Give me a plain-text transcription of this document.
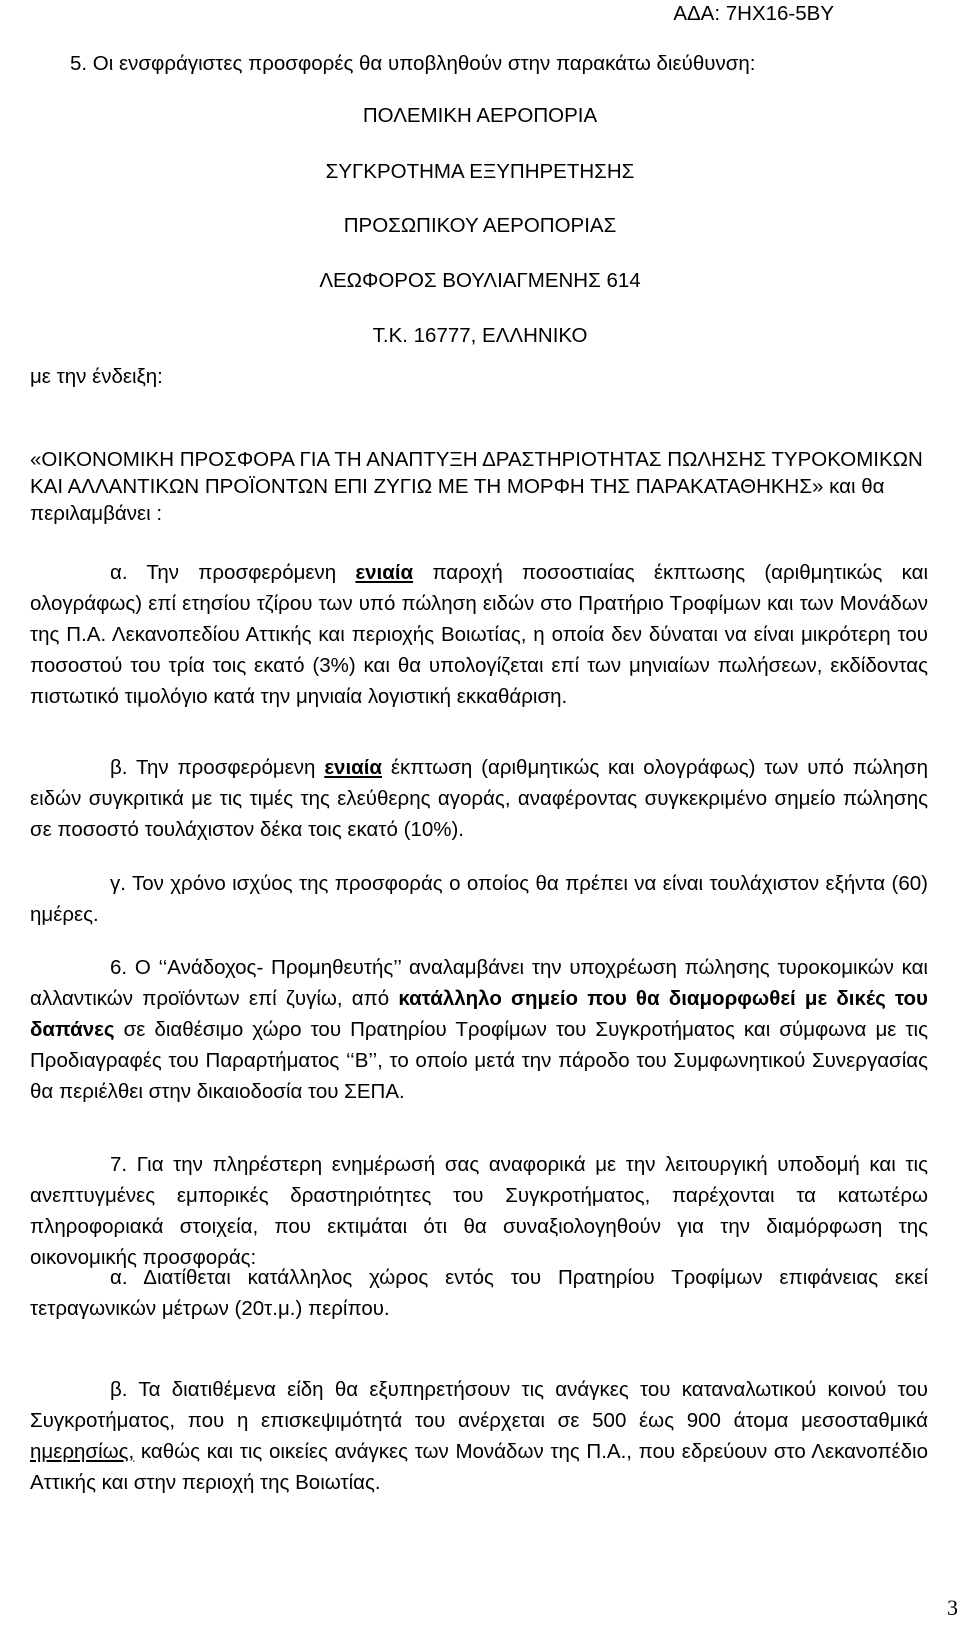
ΑΔΑ: 7ΗΧ16-5ΒΥ
5. Οι ενσφράγιστες προσφορές θα υποβληθούν στην παρακάτω διεύθυνση:
ΠΟΛΕΜΙΚΗ ΑΕΡΟΠΟΡΙΑ
ΣΥΓΚΡΟΤΗΜΑ ΕΞΥΠΗΡΕΤΗΣΗΣ
ΠΡΟΣΩΠΙΚΟΥ ΑΕΡΟΠΟΡΙΑΣ
ΛΕΩΦΟΡΟΣ ΒΟΥΛΙΑΓΜΕΝΗΣ 614
Τ.Κ. 16777, ΕΛΛΗΝΙΚΟ
με την ένδειξη:
«ΟΙΚΟΝΟΜΙΚΗ ΠΡΟΣΦΟΡΑ ΓΙΑ ΤΗ ΑΝΑΠΤΥΞΗ ΔΡΑΣΤΗΡΙΟΤΗΤΑΣ ΠΩΛΗΣΗΣ ΤΥΡΟΚΟΜΙΚΩΝ ΚΑΙ ΑΛΛΑΝΤΙΚΩΝ ΠΡΟΪΟΝΤΩΝ ΕΠΙ ΖΥΓΙΩ ΜΕ ΤΗ ΜΟΡΦΗ ΤΗΣ ΠΑΡΑΚΑΤΑΘΗΚΗΣ» και θα περιλαμβάνει :
α. Την προσφερόμενη ενιαία παροχή ποσοστιαίας έκπτωσης (αριθμητικώς και ολογράφως) επί ετησίου τζίρου των υπό πώληση ειδών στο Πρατήριο Τροφίμων και των Μονάδων της Π.Α. Λεκανοπεδίου Αττικής και περιοχής Βοιωτίας, η οποία δεν δύναται να είναι μικρότερη του ποσοστού του τρία τοις εκατό (3%) και θα υπολογίζεται επί των μηνιαίων πωλήσεων, εκδίδοντας πιστωτικό τιμολόγιο κατά την μηνιαία λογιστική εκκαθάριση.
β. Την προσφερόμενη ενιαία έκπτωση (αριθμητικώς και ολογράφως) των υπό πώληση ειδών συγκριτικά με τις τιμές της ελεύθερης αγοράς, αναφέροντας συγκεκριμένο σημείο πώλησης σε ποσοστό τουλάχιστον δέκα τοις εκατό (10%).
γ. Τον χρόνο ισχύος της προσφοράς ο οποίος θα πρέπει να είναι τουλάχιστον εξήντα (60) ημέρες.
6. Ο ‘‘Ανάδοχος- Προμηθευτής’’ αναλαμβάνει την υποχρέωση πώλησης τυροκομικών και αλλαντικών προϊόντων επί ζυγίω, από κατάλληλο σημείο που θα διαμορφωθεί με δικές του δαπάνες σε διαθέσιμο χώρο του Πρατηρίου Τροφίμων του Συγκροτήματος και σύμφωνα με τις Προδιαγραφές του Παραρτήματος ‘‘Β’’, το οποίο μετά την πάροδο του Συμφωνητικού Συνεργασίας θα περιέλθει στην δικαιοδοσία του ΣΕΠΑ.
7. Για την πληρέστερη ενημέρωσή σας αναφορικά με την λειτουργική υποδομή και τις ανεπτυγμένες εμπορικές δραστηριότητες του Συγκροτήματος, παρέχονται τα κατωτέρω πληροφοριακά στοιχεία, που εκτιμάται ότι θα συναξιολογηθούν για την διαμόρφωση της οικονομικής προσφοράς:
α. Διατίθεται κατάλληλος χώρος εντός του Πρατηρίου Τροφίμων επιφάνειας εκεί τετραγωνικών μέτρων (20τ.μ.) περίπου.
β. Τα διατιθέμενα είδη θα εξυπηρετήσουν τις ανάγκες του καταναλωτικού κοινού του Συγκροτήματος, που η επισκεψιμότητά του ανέρχεται σε 500 έως 900 άτομα μεσοσταθμικά ημερησίως, καθώς και τις οικείες ανάγκες των Μονάδων της Π.Α., που εδρεύουν στο Λεκανοπέδιο Αττικής και στην περιοχή της Βοιωτίας.
3
